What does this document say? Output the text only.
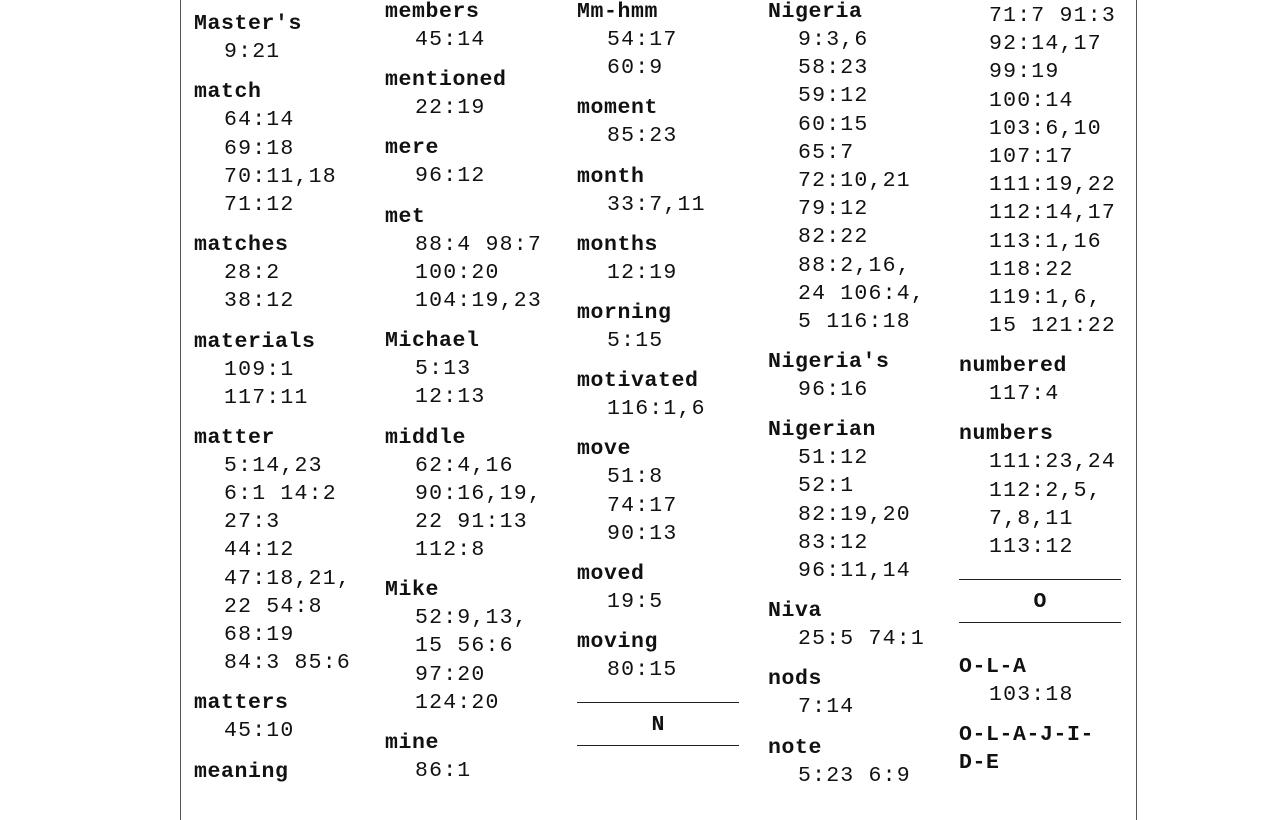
Master's
9:21
match
64:14
69:18
70:11,18
71:12
matches
28:2
38:12
materials
109:1
117:11
matter
5:14,23
6:1 14:2
27:3
44:12
47:18,21,
22 54:8
68:19
84:3 85:6
matters
45:10
meaning
members
45:14
mentioned
22:19
mere
96:12
met
88:4 98:7
100:20
104:19,23
Michael
5:13
12:13
middle
62:4,16
90:16,19,
22 91:13
112:8
Mike
52:9,13,
15 56:6
97:20
124:20
mine
86:1
Mm-hmm
54:17
60:9
moment
85:23
month
33:7,11
months
12:19
morning
5:15
motivated
116:1,6
move
51:8
74:17
90:13
moved
19:5
moving
80:15
N
Nigeria
9:3,6
58:23
59:12
60:15
65:7
72:10,21
79:12
82:22
88:2,16,
24 106:4,
5 116:18
Nigeria's
96:16
Nigerian
51:12
52:1
82:19,20
83:12
96:11,14
Niva
25:5 74:1
nods
7:14
note
5:23 6:9
71:7 91:3
92:14,17
99:19
100:14
103:6,10
107:17
111:19,22
112:14,17
113:1,16
118:22
119:1,6,
15 121:22
numbered
117:4
numbers
111:23,24
112:2,5,
7,8,11
113:12
O
O-L-A
103:18
O-L-A-J-I-
D-E
